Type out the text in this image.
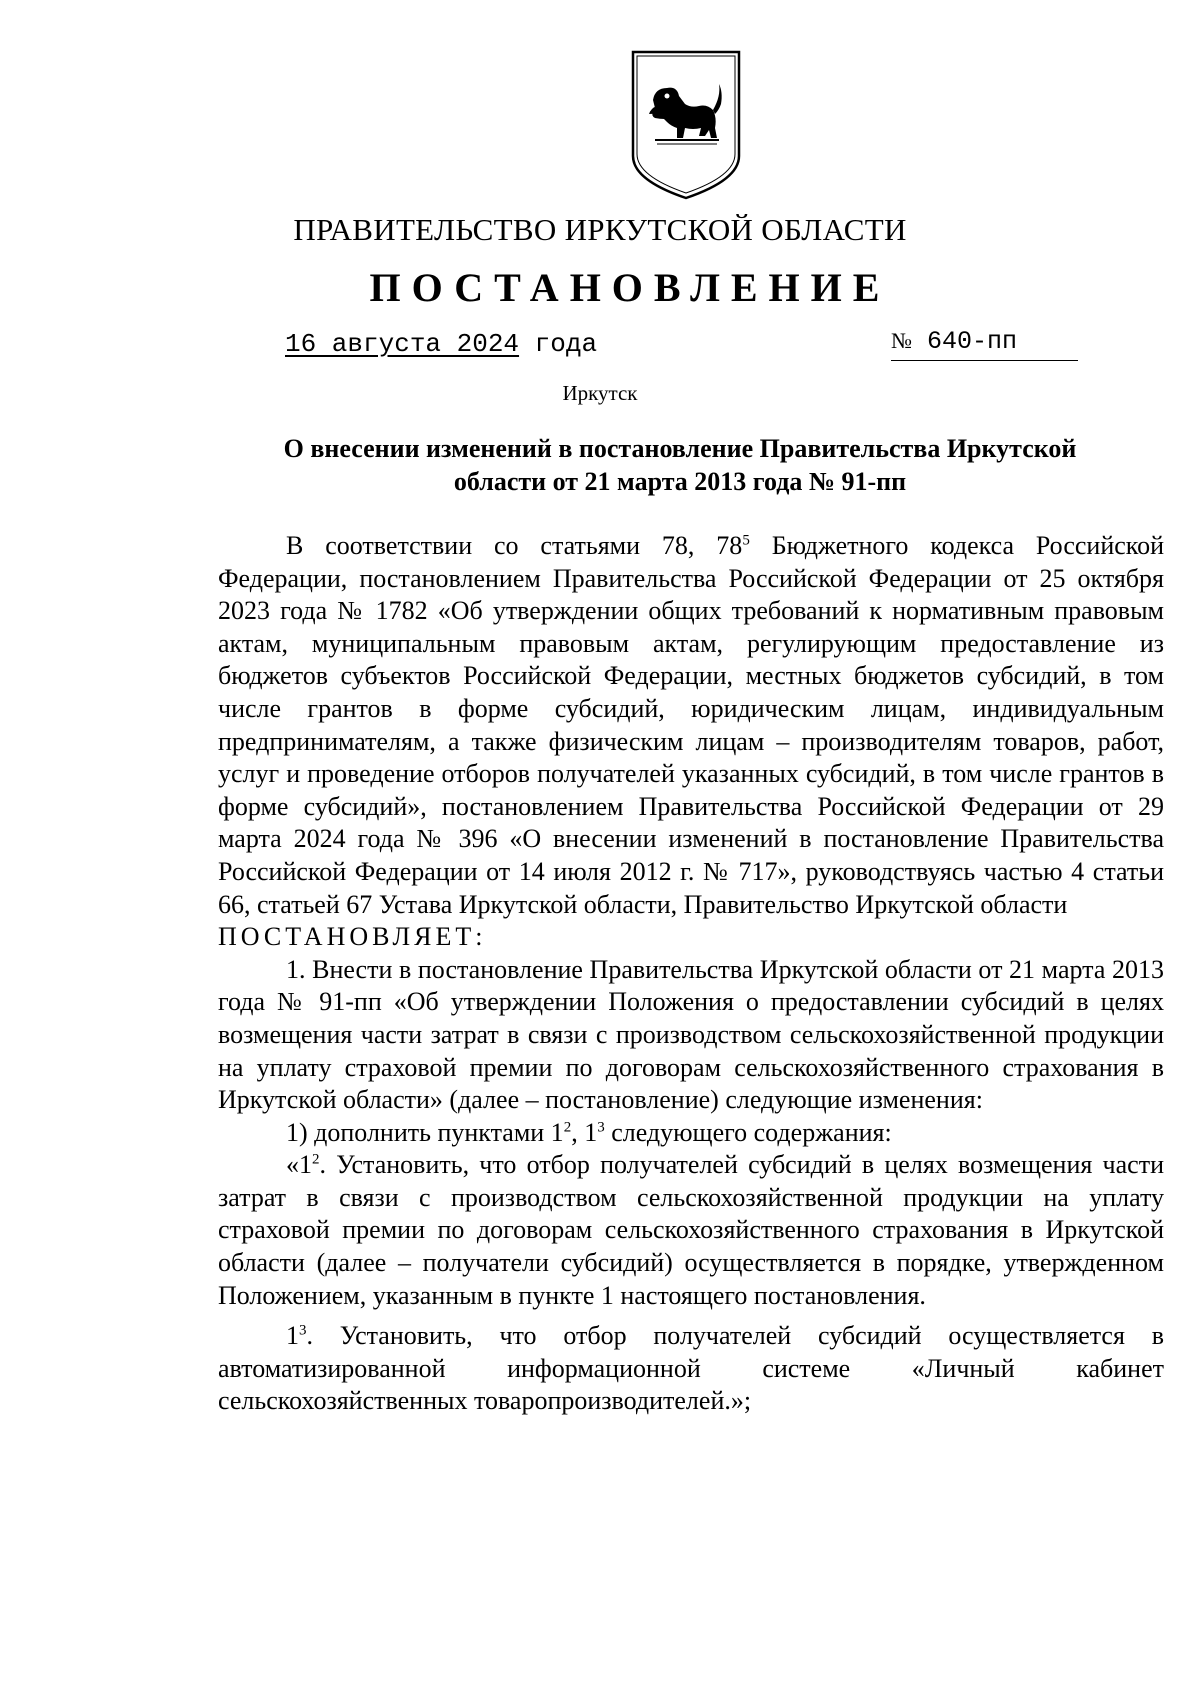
ПРАВИТЕЛЬСТВО ИРКУТСКОЙ ОБЛАСТИ
ПОСТАНОВЛЕНИЕ
16 августа 2024 года	№ 640-пп
Иркутск
О внесении изменений в постановление Правительства Иркутской
области от 21 марта 2013 года № 91-пп

В соответствии со статьями 78, $78^5$ Бюджетного кодекса Российской Федерации, постановлением Правительства Российской Федерации от 25 октября 2023 года № 1782 «Об утверждении общих требований к нормативным правовым актам, муниципальным правовым актам, регулирующим предоставление из бюджетов субъектов Российской Федерации, местных бюджетов субсидий, в том числе грантов в форме субсидий, юридическим лицам, индивидуальным предпринимателям, а также физическим лицам – производителям товаров, работ, услуг и проведение отборов получателей указанных субсидий, в том числе грантов в форме субсидий», постановлением Правительства Российской Федерации от 29 марта 2024 года № 396 «О внесении изменений в постановление Правительства Российской Федерации от 14 июля 2012 г. № 717», руководствуясь частью 4 статьи 66, статьей 67 Устава Иркутской области, Правительство Иркутской области

ПОСТАНОВЛЯЕТ:

1. Внести в постановление Правительства Иркутской области от 21 марта 2013 года № 91-пп «Об утверждении Положения о предоставлении субсидий в целях возмещения части затрат в связи с производством сельскохозяйственной продукции на уплату страховой премии по договорам сельскохозяйственного страхования в Иркутской области» (далее – постановление) следующие изменения:

1) дополнить пунктами $1^2$, $1^3$ следующего содержания:

«$1^2$. Установить, что отбор получателей субсидий в целях возмещения части затрат в связи с производством сельскохозяйственной продукции на уплату страховой премии по договорам сельскохозяйственного страхования в Иркутской области (далее – получатели субсидий) осуществляется в порядке, утвержденном Положением, указанным в пункте 1 настоящего постановления.

$1^3$. Установить, что отбор получателей субсидий осуществляется в автоматизированной информационной системе «Личный кабинет сельскохозяйственных товаропроизводителей.»;
